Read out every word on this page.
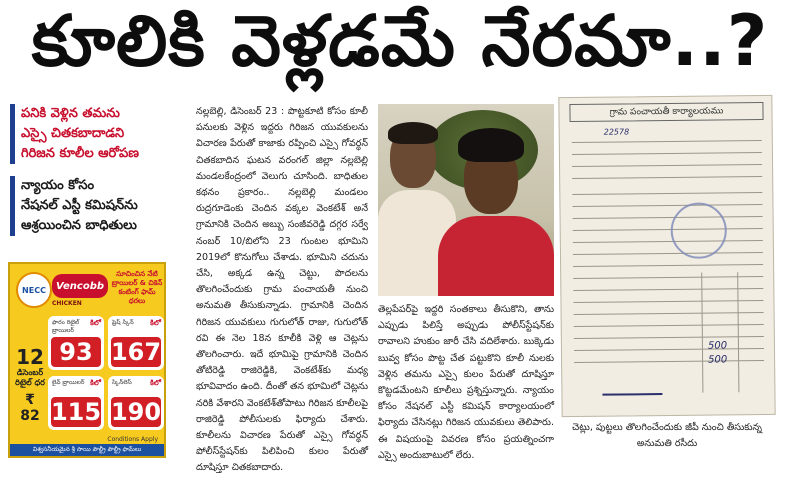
కూలికి వెళ్లడమే నేరమా..?
పనికి వెళ్లిన తమను
ఎస్సై చితకబాదాడని
గిరిజన కూలీల ఆరోపణ
న్యాయం కోసం
నేషనల్ ఎస్టీ కమిషన్‌ను
ఆశ్రయించిన బాధితులు
NECC	Vencobb
CHICKEN
సూచించిన నేటి బ్రాయిలర్ & చికెన్ కంటింగ్ ఫామ్ ధరలు
12
డిసెంబర్
రిటైల్ ధర
₹ 82
ఫారం రిటైల్ బ్రాయిలర్
కిలో
93
ఫ్రెష్ స్కిన్	కిలో
167
లైవ్ బ్రాయిలర్ కిలో
115
స్కిన్‌లెస్	కిలో
190
Conditions Apply
విశ్వసనీయమైన శ్రీ సాయి పౌల్ట్రీ పౌల్ట్రీ ఫామ్‌లు
నల్లబెల్లి, డిసెంబర్ 23 : పొట్టకూటి కోసం కూలీ పనులకు వెళ్లిన ఇద్దరు గిరిజన యువకులను విచారణ పేరుతో కాజాకు రప్పించి ఎస్సై గోవర్ధన్ చితకబాదిన ఘటన వరంగల్ జిల్లా నల్లబెల్లి మండలకేంద్రంలో వెలుగు చూసింది. బాధితుల కథనం ప్రకారం.. నల్లబెల్లి మండలం రుద్రగూడెంకు చెందిన వక్కల వెంకటేశ్ అనే గ్రామానికి చెందిన అబ్బు సంజీవరెడ్డి దగ్గర సర్వే నంబర్ 10/బిలోని 23 గుంటల భూమిని 2019లో కొనుగోలు చేశాడు. భూమిని చదును చేసి, అక్కడ ఉన్న చెట్టు, పొదలను తొలగించేందుకు గ్రామ పంచాయతీ నుంచి అనుమతి తీసుకున్నాడు. గ్రామానికి చెందిన గిరిజన యువకులు గుగులోత్ రాజు, గుగులోత్ రవి ఈ నెల 18న కూలీకి వెళ్లి ఆ చెట్లను తొలగించారు. ఇదే భూమిపై గ్రామానికి చెందిన తోటిరెడ్డి రాజిరెడ్డికి, వెంకటేశ్‌కు మధ్య భూవివాదం ఉంది. దీంతో తన భూమిలో చెట్లను నరికి వేశారని వెంకటేశ్‌తోపాటు గిరిజన కూలీలపై రాజిరెడ్డి పోలీసులకు ఫిర్యాదు చేశారు. కూలీలను విచారణ పేరుతో ఎస్సై గోవర్ధన్ పోలీస్‌స్టేషన్‌కు పిలిపించి కులం పేరుతో దూషిస్తూ చితకబాదారు.
తెల్లపేపర్‌పై ఇద్దరి సంతకాలు తీసుకొని, తాను ఎప్పుడు పిలిస్తే అప్పుడు పోలీస్‌స్టేషన్‌కు రావాలని హుకుం జారీ చేసి వదిలేశారు. బుక్కెడు బువ్వ కోసం పొట్ట చేత పట్టుకొని కూలీ నులకు వెళ్లిన తమను ఎస్సై కులం పేరుతో దూషిస్తూ కొట్టడమేంటని కూలీలు ప్రశ్నిస్తున్నారు. న్యాయం కోసం నేషనల్ ఎస్టీ కమిషన్ కార్యాలయంలో ఫిర్యాదు చేసినట్లు గిరిజన యువకులు తెలిపారు. ఈ విషయంపై వివరణ కోసం ప్రయత్నించగా ఎస్సై అందుబాటులో లేరు.
గ్రామ పంచాయతీ కార్యాలయము
22578
500
500
చెట్లు, పుట్టలు తొలగించేందుకు జీపీ నుంచి తీసుకున్న అనుమతి రసీదు
